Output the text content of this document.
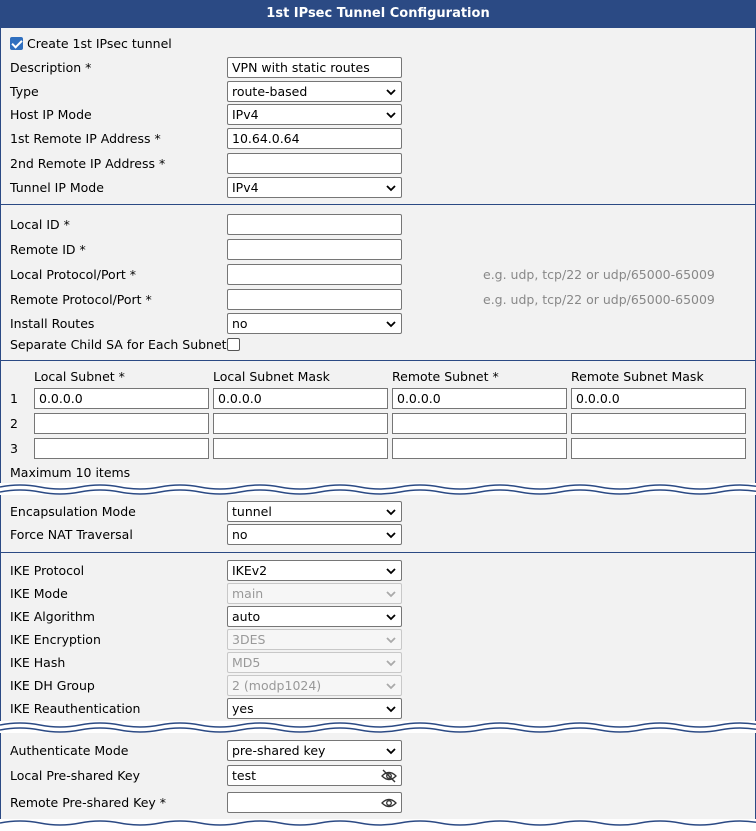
1st IPsec Tunnel Configuration
Create 1st IPsec tunnel
Description *	VPN with static routes
Type	route-based
Host IP Mode	IPv4
1st Remote IP Address *	10.64.0.64
2nd Remote IP Address *
Tunnel IP Mode	IPv4
Local ID *
Remote ID *
Local Protocol/Port *	e.g. udp, tcp/22 or udp/65000-65009
Remote Protocol/Port *	e.g. udp, tcp/22 or udp/65000-65009
Install Routes	no
Separate Child SA for Each Subnet
Local Subnet *	Local Subnet Mask	Remote Subnet *	Remote Subnet Mask
1	0.0.0.0	0.0.0.0	0.0.0.0	0.0.0.0
2
3
Maximum 10 items
Encapsulation Mode	tunnel
Force NAT Traversal	no
IKE Protocol	IKEv2
IKE Mode	main
IKE Algorithm	auto
IKE Encryption	3DES
IKE Hash	MD5
IKE DH Group	2 (modp1024)
IKE Reauthentication	yes
Authenticate Mode	pre-shared key
Local Pre-shared Key	test
Remote Pre-shared Key *
